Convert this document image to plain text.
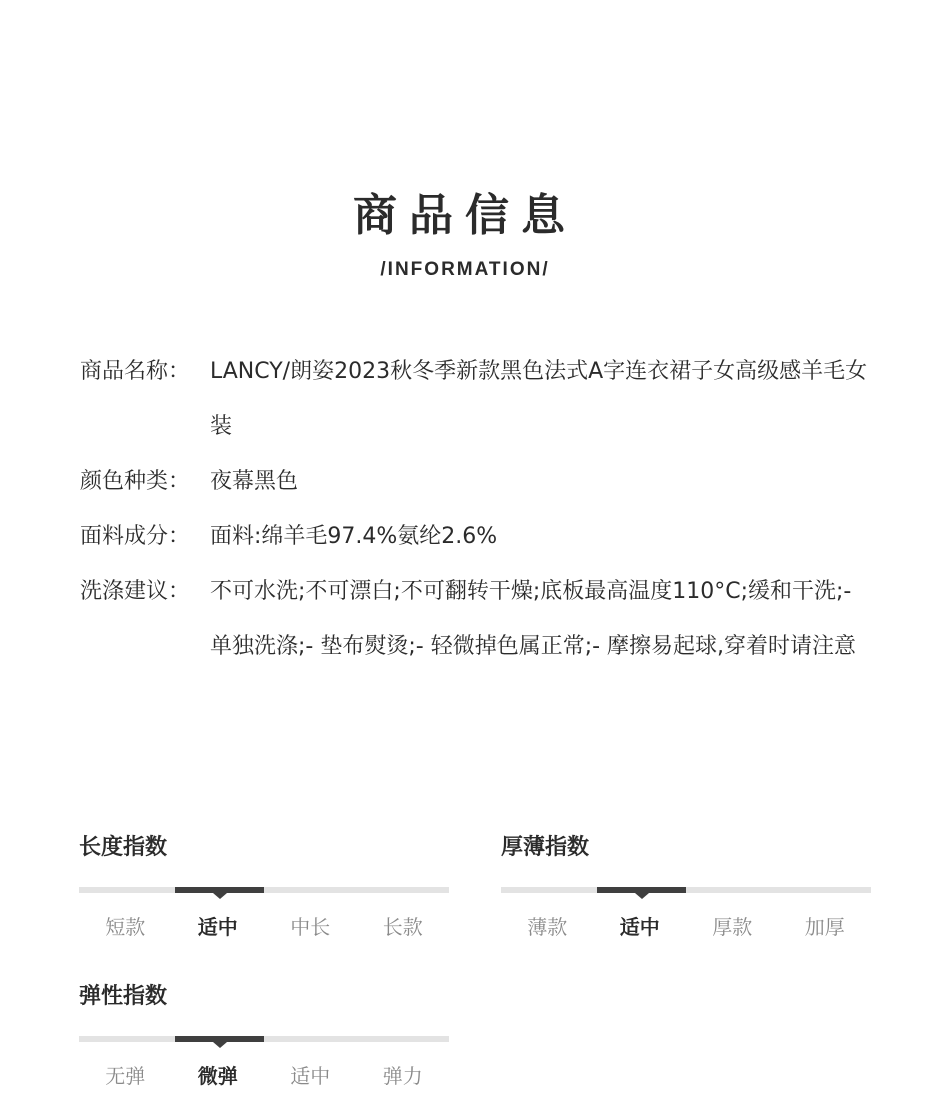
商品信息
/INFORMATION/
商品名称： LANCY/朗姿2023秋冬季新款黑色法式A字连衣裙子女高级感羊毛女装
颜色种类： 夜幕黑色
面料成分： 面料:绵羊毛97.4%氨纶2.6%
洗涤建议： 不可水洗;不可漂白;不可翻转干燥;底板最高温度110°C;缓和干洗;- 单独洗涤;- 垫布熨烫;- 轻微掉色属正常;- 摩擦易起球,穿着时请注意
长度指数
短款	适中	中长	长款
厚薄指数
薄款	适中	厚款	加厚
弹性指数
无弹	微弹	适中	弹力
